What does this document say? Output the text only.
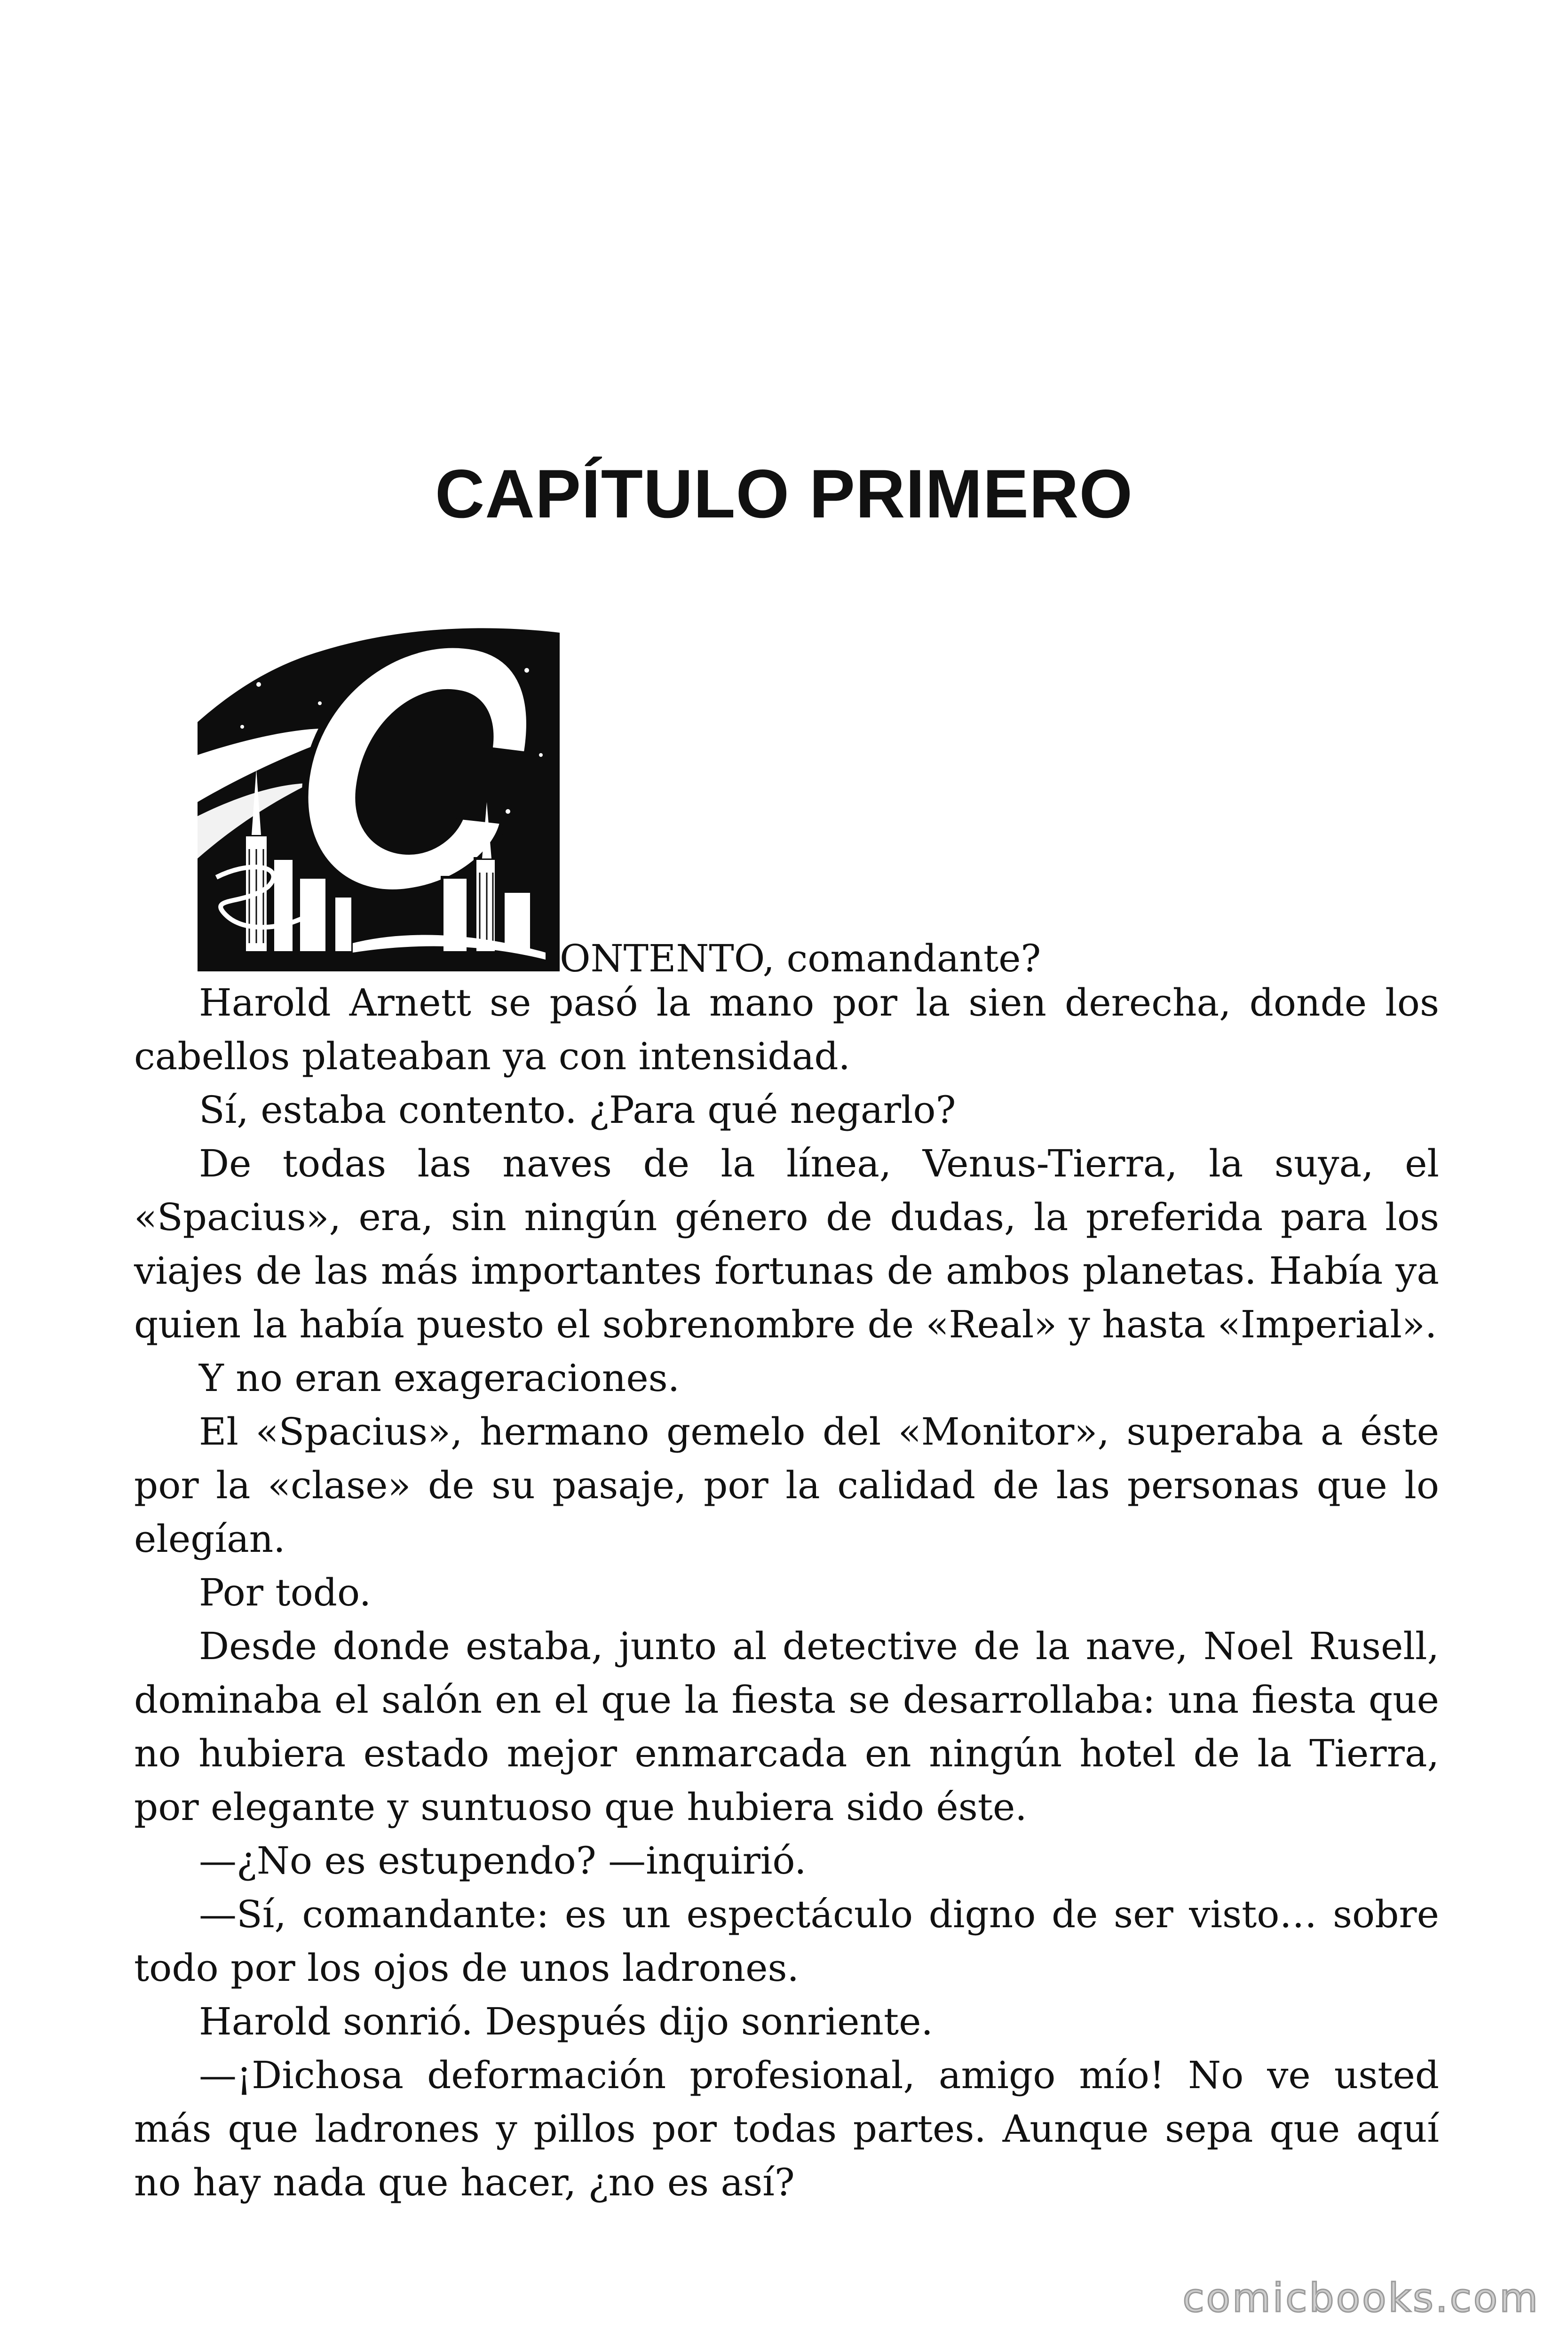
CAPÍTULO PRIMERO
ONTENTO, comandante?

Harold Arnett se pasó la mano por la sien derecha, donde los cabellos plateaban ya con intensidad.

Sí, estaba contento. ¿Para qué negarlo?

De todas las naves de la línea, Venus-Tierra, la suya, el «Spacius», era, sin ningún género de dudas, la preferida para los viajes de las más importantes fortunas de ambos planetas. Había ya quien la había puesto el sobrenombre de «Real» y hasta «Imperial».

Y no eran exageraciones.

El «Spacius», hermano gemelo del «Monitor», superaba a éste por la «clase» de su pasaje, por la calidad de las personas que lo elegían.

Por todo.

Desde donde estaba, junto al detective de la nave, Noel Rusell, dominaba el salón en el que la fiesta se desarrollaba: una fiesta que no hubiera estado mejor enmarcada en ningún hotel de la Tierra, por elegante y suntuoso que hubiera sido éste.

—¿No es estupendo? —inquirió.

—Sí, comandante: es un espectáculo digno de ser visto… sobre todo por los ojos de unos ladrones.

Harold sonrió. Después dijo sonriente.

—¡Dichosa deformación profesional, amigo mío! No ve usted más que ladrones y pillos por todas partes. Aunque sepa que aquí no hay nada que hacer, ¿no es así?

comicbooks.com
